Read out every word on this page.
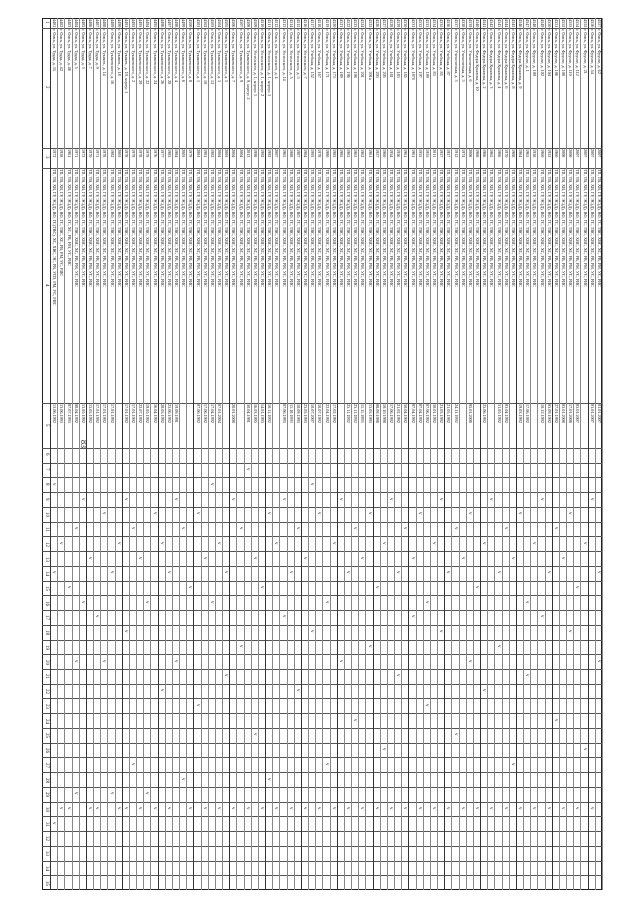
83
1
2
3
4
5
6
7
8
9
10
11
12
13
14
15
16
17
18
19
20
21
22
23
24
25
26
27
28
29
30
31
32
33
34
35
4481
г. Омск, ул. Труда, д. 35
1972
ТП, ТВ, ХВ, ГР, ЭС(Д), ВО, ГС(ТВС), ХС, ХВС, ЭС, РВ, УПЗ, РМ, УС, РИС
13.06.1992
4482
г. Омск, ул. Труда, д. 42
1958
ТП, ТВ, ХВ, ГР, ЭС(Д), ВО, ГС, ТВС, ХС, РВ, РМ, УС, РИС
13.06.1993
4483
г. Омск, ул. Труда, д. 46
1961
ТП, ТВ, ХВ, ГР, ЭС(Д), ВО, ГС, ХС, РВ, РМ, УС, РИС
07.07.1993
4484
г. Омск, ул. Труда, д. 5
1971
ТП, ТВ, ХВ, ГР, ЭС(Д), ВО, ГС, ТВС, ХВС, ХС, РВ, РМ, УС, РИС
08.04.1992
4485
г. Омск, ул. Труда, д. 5
1972
ТП, ТВ, ХВ, ГР, ЭС(Д), ВО, ГС, ТВС, ХВС, ХС, РВ, РМ, УС, РИС
13.05.1992
4486
г. Омск, ул. Труда, д. 7
1970
ТП, ТВ, ХВ, ГР, ЭС(Д), ВО, ГС, ТВС, ХВС, ХС, РВ, РМ, УС, РИС
13.05.1992
4487
г. Омск, ул. Труда, д. 9
1971
ТП, ТВ, ХВ, ГР, ЭС(Д), ВО, ГС, ТВС, ХВС, ХС, РВ, РМ, УС, РИС
17.01.1992
4488
г. Омск, ул. Тухачев., д. 14
1978
ТП, ТВ, ХВ, ГР, ЭС(Д), ВО, ГС, ТВС, ХВС, ХС, РВ, РМ, УС, РИС
17.01.1992
4489
г. Омск, ул. Тухачевского, д. 16
1982
ТП, ТВ, ХВ, ГР, ЭС(Д), ВО, ГС, ТВС, ХВС, ХС, РВ, РМ, УС, РИС
17.01.1992
4490
г. Омск, ул. Тухачев., д. 18
2003
ТП, ТВ, ХВ, ГР, ЭС(Д), ВО, ГС, ТВС, ХВС, ХС, РВ, РМ, УС, РИС
4491
г. Омск, ул. Тухачев., д. 19, корпус 1
1978
ТП, ТВ, ХВ, ГР, ЭС(Д), ВО, ГС, ТВС, ХВС, ХС, РВ, РМ, УС, РИС
17.01.1992
4492
г. Омск, ул. Тухачевского, д. 2
1979
ТП, ТВ, ХВ, ГР, ЭС(Д), ВО, ГС, ТВС, ХВС, ХС, РВ, РМ, УС, РИС
17.01.1992
4493
г. Омск, ул. Тухачевского, д. 20
1978
ТП, ТВ, ХВ, ГР, ЭС(Д), ВО, ГС, ТВС, ХВС, ХС, РВ, РМ, УС, РИС
22.07.1992
4494
г. Омск, ул. Тухачевского, д. 22
1979
ТП, ТВ, ХВ, ГР, ЭС(Д), ВО, ГС, ТВС, ХВС, ХС, РВ, РМ, УС, РИС
19.05.1992
4495
г. Омск, ул. Тухачевского, д. 24
1976
ТП, ТВ, ХВ, ГР, ЭС(Д), ВО, ГС, ТВС, ХВС, ХС, РВ, РМ, УС, РИС
16.04.1992
4496
г. Омск, ул. Тухачевского, д. 26
1977
ТП, ТВ, ХВ, ГР, ЭС(Д), ВО, ГС, ТВС, ХВС, ХС, РВ, РМ, УС, РИС
28.05.1992
4497
г. Омск, ул. Тухачевского, д. 28
1983
ТП, ТВ, ХВ, ГР, ЭС(Д), ВО, ГС, ТВС, ХВС, ХС, РВ, РМ, УС, РИС
23.06.1992
4498
г. Омск, ул. Тухачевского, д. 4
1984
ТП, ТВ, ХВ, ГР, ЭС(Д), ВО, ГС, ТВС, ХВС, ХС, РВ, РМ, УС, РИС
19.09.1991
4499
г. Омск, ул. Тухачевского, д. 6
2003
ТП, ТВ, ХВ, ГР, ЭС(Д), ВО, ГС, ТВС, ХВС, ХС, РВ, РМ, УС, РИС
4500
г. Омск, ул. Тухачевского, д. 8
1979
ТП, ТВ, ХВ, ГР, ЭС(Д), ВО, ГС, ТВС, ХВС, ХС, РВ, РМ, УС, РИС
4501
г. Омск, ул. Тухачевского, д. 1
2001
ТП, ТВ, ХВ, ГР, ЭС(Д), ВО, ГС, ТВС, ХВС, ХС, РВ, РМ, УС, РИС
07.06.1992
4502
г. Омск, ул. Тухачевского, д. 10
1981
ТП, ТВ, ХВ, ГР, ЭС(Д), ВО, ГС, ТВС, ХВС, ХС, РВ, РМ, УС, РИС
17.06.1992
4503
г. Омск, ул. Тухачевского, д. 12
1982
ТП, ТВ, ХВ, ГР, ЭС(Д), ВО, ГС, ТВС, ХВС, ХС, РВ, РМ, УС, РИС
17.04.1992
4504
г. Омск, ул. Тухачевского, д. 3
2004
ТП, ТВ, ХВ, ГР, ЭС(Д), ВО, ГС, ТВС, ХВС, ХС, РВ, РМ, УС, РИС
07.01.2004
4505
г. Омск, ул. Тухачевского, д. 5
2003
ТП, ТВ, ХВ, ГР, ЭС(Д), ВО, ГС, ТВС, ХВС, ХС, РВ, РМ, УС, РИС
4506
г. Омск, ул. Тухачевского, д. 7
2004
ТП, ТВ, ХВ, ГР, ЭС(Д), ВО, ГС, ТВС, ХВС, ХС, РВ, РМ, УС, РИС
20.01.2008
4507
г. Омск, ул. Тухачевского, д. 9
2004
ТП, ТВ, ХВ, ГР, ЭС(Д), ВО, ГС, ТВС, ХВС, ХС, РВ, РМ, УС, РИС
4508
г. Омск, ул. Тухачевского, д. 9, корпус 2
2013
ТП, ТВ, ХВ, ГР, ЭС(Д), ВО, ГС, ТВС, ХВС, ХС, РВ, РМ, УС, РИС
30.04.1991
4509
г. Омск, ул. Успенского, д. 1, корпус 1
1998
ТП, ТВ, ХВ, ГР, ЭС(Д), ВО, ГС, ТВС, ХВС, ХС, РВ, РМ, УС, РИС
16.03.1995
4510
г. Омск, ул. Успенского, д. 1, корпус 2
1992
ТП, ТВ, ХВ, ГР, ЭС(Д), ВО, ГС, ТВС, ХВС, ХС, РВ, РМ, УС, РИС
14.01.1993
4511
г. Омск, ул. Успенского, д. 1, корпус 3
1992
ТП, ТВ, ХВ, ГР, ЭС(Д), ВО, ГС, ТВС, ХВС, ХС, РВ, РМ, УС, РИС
10.11.1992
4512
г. Омск, ул. Успенского, д. 4
2007
ТП, ТВ, ХВ, ГР, ЭС(Д), ВО, ГС, ТВС, ХВС, ХС, РВ, РМ, УС, РИС
4513
г. Омск, ул. Успенского, д. 14
1965
ТП, ТВ, ХВ, ГР, ЭС(Д), ВО, ГС, ТВС, ХВС, ХС, РВ, РМ, УС, РИС
07.06.1993
4514
г. Омск, ул. Успенского, д. 3
1988
ТП, ТВ, ХВ, ГР, ЭС(Д), ВО, ГС, ТВС, ХВС, ХС, РВ, РМ, УС, РИС
11.10.1993
4515
г. Омск, ул. Успенского, д. 5
1987
ТП, ТВ, ХВ, ГР, ЭС(Д), ВО, ГС, ТВС, ХВС, ХС, РВ, РМ, УС, РИС
10.09.1993
4516
г. Омск, ул. Успенского, д. 7
1984
ТП, ТВ, ХВ, ГР, ЭС(Д), ВО, ГС, ТВС, ХВС, ХС, РВ, РМ, УС, РИС
23.03.1993
4517
г. Омск, ул. Учебная, д. 152
1993
ТП, ТВ, ХВ, ГР, ЭС(Д), ВО, ГС, ТВС, ХВС, ХС, РВ, РМ, УС, РИС
10.07.2007
4518
г. Омск, ул. Учебная, д. 167
1978
ТП, ТВ, ХВ, ГР, ЭС(Д), ВО, ГС, ТВС, ХВС, ХС, РВ, РМ, УС, РИС
18.07.1992
4519
г. Омск, ул. Учебная, д. 171
1980
ТП, ТВ, ХВ, ГР, ЭС(Д), ВО, ГС, ТВС, ХВС, ХС, РВ, РМ, УС, РИС
22.04.1992
4520
г. Омск, ул. Учебная, д. 173
1983
ТП, ТВ, ХВ, ГР, ЭС(Д), ВО, ГС, ТВС, ХВС, ХС, РВ, РМ, УС, РИС
17.02.1992
4521
г. Омск, ул. Учебная, д. 189
1985
ТП, ТВ, ХВ, ГР, ЭС(Д), ВО, ГС, ТВС, ХВС, ХС, РВ, РМ, УС, РИС
4522
г. Омск, ул. Учебная, д. 196
1963
ТП, ТВ, ХВ, ГР, ЭС(Д), ВО, ГС, ТВС, ХВС, ХС, РВ, РМ, УС, РИС
25.11.1992
4523
г. Омск, ул. Учебная, д. 198
1963
ТП, ТВ, ХВ, ГР, ЭС(Д), ВО, ГС, ТВС, ХВС, ХС, РВ, РМ, УС, РИС
23.11.1992
4524
г. Омск, ул. Учебная, д. 201
1962
ТП, ТВ, ХВ, ГР, ЭС(Д), ВО, ГС, ТВС, ХВС, ХС, РВ, РМ, УС, РИС
11.11.1993
4525
г. Омск, ул. Учебная, д. 201а
1961
ТП, ТВ, ХВ, ГР, ЭС(Д), ВО, ГС, ТВС, ХВС, ХС, РВ, РМ, УС, РИС
13.05.1993
4526
г. Омск, ул. Учебная, д. 203
1957
ТП, ТВ, ХВ, ГР, ЭС(Д), ВО, ГС, ТВС, ХВС, ХС, РВ, РМ, УС, РИС
08.09.1998
4527
г. Омск, ул. Учебная, д. 205
1960
ТП, ТВ, ХВ, ГР, ЭС(Д), ВО, ГС, ТВС, ХВС, ХС, РВ, РМ, УС, РИС
10.10.1998
4528
г. Омск, ул. Учебная, д. 181
1954
ТП, ТВ, ХВ, ГР, ЭС(Д), ВО, ГС, ТВС, ХВС, ХС, РВ, РМ, УС, РИС
17.06.1992
4529
г. Омск, ул. Учебная, д. 183
1956
ТП, ТВ, ХВ, ГР, ЭС(Д), ВО, ГС, ТВС, ХВС, ХС, РВ, РМ, УС, РИС
21.02.1992
4530
г. Омск, ул. Учебная, д. 185
1961
ТП, ТВ, ХВ, ГР, ЭС(Д), ВО, ГС, ТВС, ХВС, ХС, РВ, РМ, УС, РИС
30.04.1992
4531
г. Омск, ул. Учебная, д. 187б
1961
ТП, ТВ, ХВ, ГР, ЭС(Д), ВО, ГС, ТВС, ХВС, ХС, РВ, РМ, УС, РИС
07.04.1992
4532
г. Омск, ул. Учебная, д. 197
1955
ТП, ТВ, ХВ, ГР, ЭС(Д), ВО, ГС, ТВС, ХВС, ХС, РВ, РМ, УС, РИС
07.04.1992
4533
г. Омск, ул. Учебная, д. 199
1955
ТП, ТВ, ХВ, ГР, ЭС(Д), ВО, ГС, ТВС, ХВС, ХС, РВ, РМ, УС, РИС
07.06.1992
4534
г. Омск, ул. Учебная, д. 83
2011
ТП, ТВ, ХВ, ГР, ЭС(Д), ВО, ГС, ТВС, ХВС, ХС, РВ, РМ, УС, РИС
30.01.1992
4535
г. Омск, ул. Учебная, д. 85
1957
ТП, ТВ, ХВ, ГР, ЭС(Д), ВО, ГС, ТВС, ХВС, ХС, РВ, РМ, УС, РИС
21.03.1992
4536
г. Омск, ул. Учебная, д. 87
1957
ТП, ТВ, ХВ, ГР, ЭС(Д), ВО, ГС, ТВС, ХВС, ХС, РВ, РМ, УС, РИС
21.05.1992
4537
г. Омск, ул. Ученическая, д. 3
1912
ТП, ТВ, ХВ, ГР, ЭС(Д), ВО, ГС, ТВС, ХВС, ХС, РВ, РМ, УС, РИС
24.11.1992
4538
г. Омск, ул. Ученическая, д. 5
1974
ТП, ТВ, ХВ, ГР, ЭС(Д), ВО, ГС, ТВС, ХВС, ХС, РВ, РМ, УС, РИС
4539
г. Омск, ул. Ученическая, д. 6
2008
ТП, ТВ, ХВ, ГР, ЭС(Д), ВО, ГС, ТВС, ХВС, ХС, РВ, РМ, УС, РИС
05.01.2008
4540
г. Омск, ул. Федора Крылова, д. 10
1968
ТП, ТВ, ХВ, ГР, ЭС(Д), ВО, ГС, ТВС, ХВС, ХС, РВ, РМ, УС, РИС
4541
г. Омск, ул. Федора Крылова, д. 2
1966
ТП, ТВ, ХВ, ГР, ЭС(Д), ВО, ГС, ТВС, ХВС, ХС, РВ, РМ, УС, РИС
25.06.1992
4542
г. Омск, ул. Федора Крылова, д. 3
1965
ТП, ТВ, ХВ, ГР, ЭС(Д), ВО, ГС, ТВС, ХВС, ХС, РВ, РМ, УС, РИС
4543
г. Омск, ул. Федора Крылова, д. 4
1966
ТП, ТВ, ХВ, ГР, ЭС(Д), ВО, ГС, ТВС, ХВС, ХС, РВ, РМ, УС, РИС
31.05.1992
4544
г. Омск, ул. Федора Крылова, д. 6
1970
ТП, ТВ, ХВ, ГР, ЭС(Д), ВО, ГС, ТВС, ХВС, ХС, РВ, РМ, УС, РИС
03.04.1992
4545
г. Омск, ул. Федора Крылова, д. 8
1968
ТП, ТВ, ХВ, ГР, ЭС(Д), ВО, ГС, ТВС, ХВС, ХС, РВ, РМ, УС, РИС
4546
г. Омск, ул. Федора Крылова, д. 9
1964
ТП, ТВ, ХВ, ГР, ЭС(Д), ВО, ГС, ТВС, ХВС, ХС, РВ, РМ, УС, РИС
19.03.1992
4547
г. Омск, ул. Фрунзе, д. 1
1965
ТП, ТВ, ХВ, ГР, ЭС(Д), ВО, ГС, ТВС, ХВС, ХС, РВ, РМ, УС, РИС
17.06.1992
4548
г. Омск, ул. Фрунзе, д. 100
1958
ТП, ТВ, ХВ, ГР, ЭС(Д), ВО, ГС, ТВС, ХВС, ХС, РВ, РМ, УС, РИС
4549
г. Омск, ул. Фрунзе, д. 102
1960
ТП, ТВ, ХВ, ГР, ЭС(Д), ВО, ГС, ТВС, ХВС, ХС, РВ, РМ, УС, РИС
10.12.1992
4550
г. Омск, ул. Фрунзе, д. 104
1952
ТП, ТВ, ХВ, ГР, ЭС(Д), ВО, ГС, ТВС, ХВС, ХС, РВ, РМ, УС, РИС
03.09.1992
4551
г. Омск, ул. Фрунзе, д. 106
1960
ТП, ТВ, ХВ, ГР, ЭС(Д), ВО, ГС, ТВС, ХВС, ХС, РВ, РМ, УС, РИС
27.01.1992
4552
г. Омск, ул. Фрунзе, д. 108
2008
ТП, ТВ, ХВ, ГР, ЭС(Д), ВО, ГС, ТВС, ХВС, ХС, РВ, РМ, УС, РИС
03.01.2008
4553
г. Омск, ул. Фрунзе, д. 110
2008
ТП, ТВ, ХВ, ГР, ЭС(Д), ВО, ГС, ТВС, ХВС, ХС, РВ, РМ, УС, РИС
17.01.2008
4554
г. Омск, ул. Фрунзе, д. 112
2007
ТП, ТВ, ХВ, ГР, ЭС(Д), ВО, ГС, ТВС, ХВС, ХС, РВ, РМ, УС, РИС
03.01.2007
4555
г. Омск, ул. Фрунзе, д. 21
2007
ТП, ТВ, ХВ, ГР, ЭС(Д), ВО, ГС, ТВС, ХВС, ХС, РВ, РМ, УС, РИС
4556
г. Омск, ул. Фрунзе, д. 54
2007
ТП, ТВ, ХВ, ГР, ЭС(Д), ВО, ГС, ТВС, ХВС, ХС, РВ, РМ, УС, РИС
01.01.2007
4557
г. Омск, ул. Фрунзе, д. 62
2007
ТП, ТВ, ХВ, ГР, ЭС(Д), ВО, ГС, ТВС, ХВС, ХС, РВ, РМ, УС, РИС
01.01.2007
v
v
v
v
v
v
v
v
v
v
v
v
v
v
v
v
v
v
v
v
v
v
v
v
v
v
v
v
v
v
v
v
v
v
v
v
v
v
v
v
v
v
v
v
v
v
v
v
v
v
v
v
v
v
v
v
v
v
v
v
v
v
v
v
v
v
v
v
v
v
v
v
v
v
v
v
v
v
v
v
v
v
v
v
v
v
v
v
v
v
v
v
v
v
v
v
v
v
v
v
v
v
v
v
v
v
v
v
v
v
v
v
v
v
v
v
v
v
v
v
v
v
v
v
v
v
v
v
v
v
v
v
v
v
v
v
v
v
v
v
v
v
v
v
v
v
v
v
v
v
v
v
v
v
v
v
v
